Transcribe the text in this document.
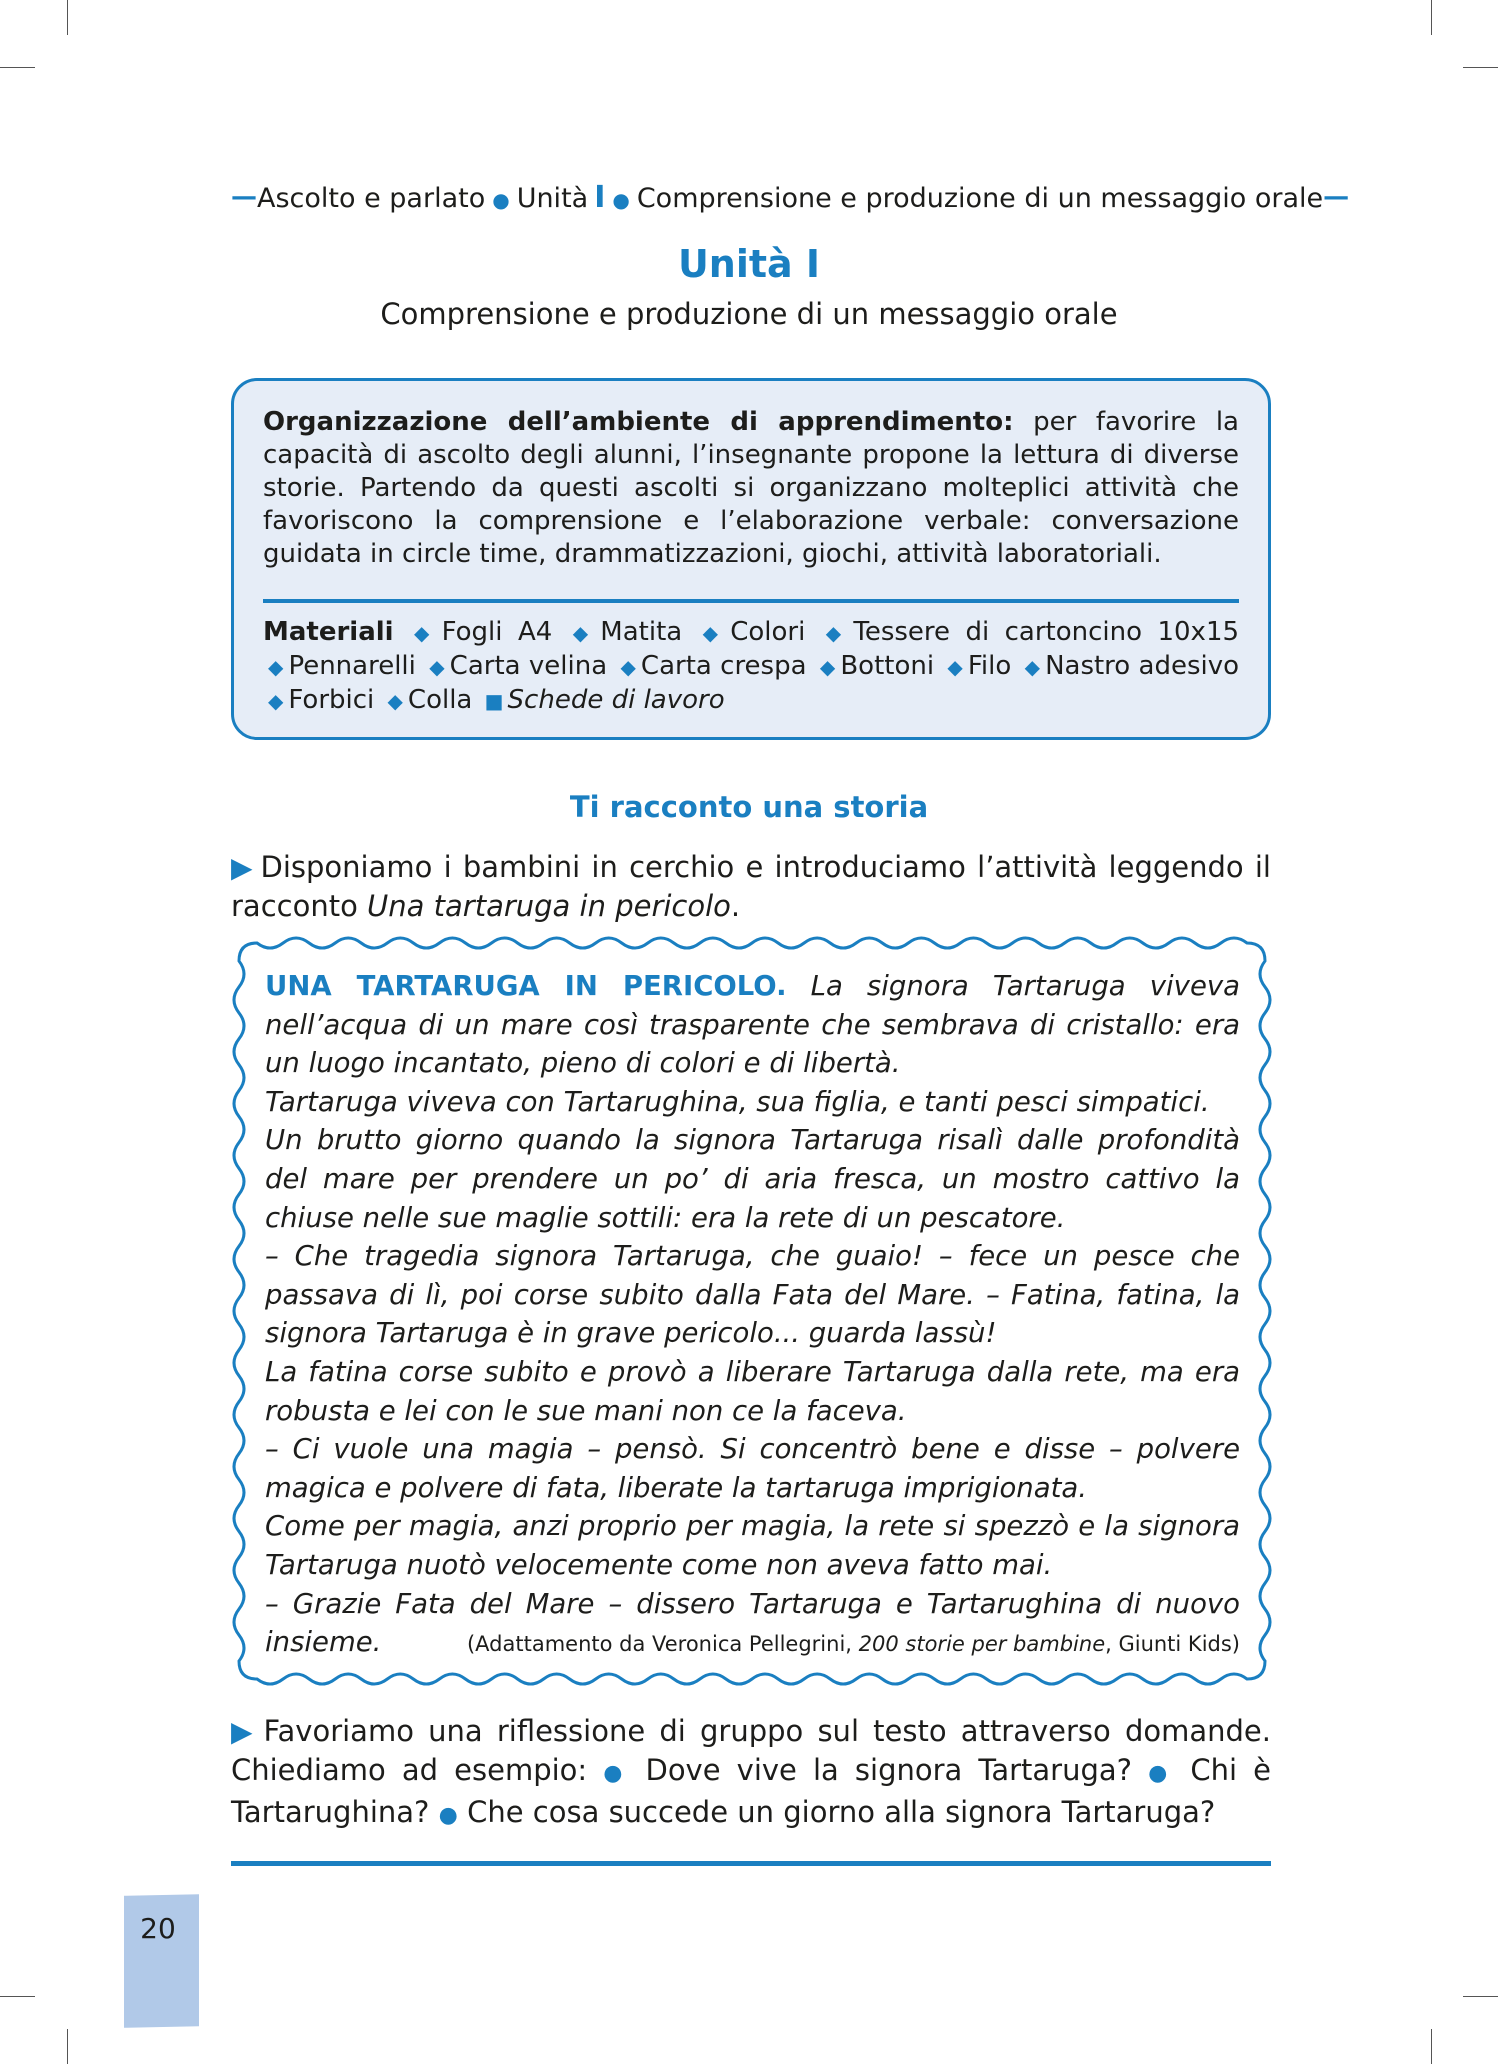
— Ascolto e parlato ● Unità I ● Comprensione e produzione di un messaggio orale —
Unità I
Comprensione e produzione di un messaggio orale
Organizzazione dell’ambiente di apprendimento: per favorire la capacità di ascolto degli alunni, l’insegnante propone la lettura di diverse storie. Partendo da questi ascolti si organizzano molteplici attività che favoriscono la comprensione e l’elaborazione verbale: conversazione guidata in circle time, drammatizzazioni, giochi, attività laboratoriali.
Materiali ◆ Fogli A4 ◆ Matita ◆ Colori ◆ Tessere di cartoncino 10x15 ◆ Pennarelli ◆ Carta velina ◆ Carta crespa ◆ Bottoni ◆ Filo ◆ Nastro adesivo ◆ Forbici ◆ Colla ■ Schede di lavoro
Ti racconto una storia
▶ Disponiamo i bambini in cerchio e introduciamo l’attività leggendo il racconto Una tartaruga in pericolo.
UNA TARTARUGA IN PERICOLO. La signora Tartaruga viveva nell’acqua di un mare così trasparente che sembrava di cristallo: era un luogo incantato, pieno di colori e di libertà.
Tartaruga viveva con Tartarughina, sua figlia, e tanti pesci simpatici.
Un brutto giorno quando la signora Tartaruga risalì dalle profondità del mare per prendere un po’ di aria fresca, un mostro cattivo la chiuse nelle sue maglie sottili: era la rete di un pescatore.
– Che tragedia signora Tartaruga, che guaio! – fece un pesce che passava di lì, poi corse subito dalla Fata del Mare. – Fatina, fatina, la signora Tartaruga è in grave pericolo... guarda lassù!
La fatina corse subito e provò a liberare Tartaruga dalla rete, ma era robusta e lei con le sue mani non ce la faceva.
– Ci vuole una magia – pensò. Si concentrò bene e disse – polvere magica e polvere di fata, liberate la tartaruga imprigionata.
Come per magia, anzi proprio per magia, la rete si spezzò e la signora Tartaruga nuotò velocemente come non aveva fatto mai.
– Grazie Fata del Mare – dissero Tartaruga e Tartarughina di nuovo insieme.	(Adattamento da Veronica Pellegrini, 200 storie per bambine, Giunti Kids)
▶ Favoriamo una riflessione di gruppo sul testo attraverso domande. Chiediamo ad esempio: ● Dove vive la signora Tartaruga? ● Chi è Tartarughina? ● Che cosa succede un giorno alla signora Tartaruga?
20
